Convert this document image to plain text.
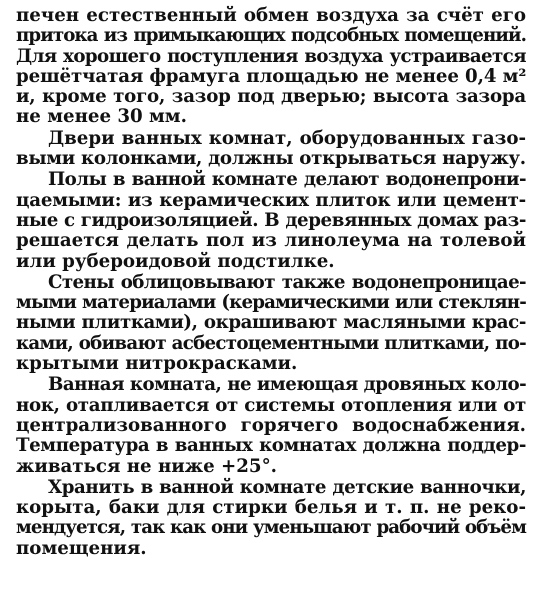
печен естественный обмен воздуха за счёт его
притока из примыкающих подсобных помещений.
Для хорошего поступления воздуха устраивается
решётчатая фрамуга площадью не менее 0,4 м²
и, кроме того, зазор под дверью; высота зазора
не менее 30 мм.
Двери ванных комнат, оборудованных газо-
выми колонками, должны открываться наружу.
Полы в ванной комнате делают водонепрони-
цаемыми: из керамических плиток или цемент-
ные с гидроизоляцией. В деревянных домах раз-
решается делать пол из линолеума на толевой
или рубероидовой подстилке.
Стены облицовывают также водонепроницае-
мыми материалами (керамическими или стеклян-
ными плитками), окрашивают масляными крас-
ками, обивают асбестоцементными плитками, по-
крытыми нитрокрасками.
Ванная комната, не имеющая дровяных коло-
нок, отапливается от системы отопления или от
централизованного горячего водоснабжения.
Температура в ванных комнатах должна поддер-
живаться не ниже +25°.
Хранить в ванной комнате детские ванночки,
корыта, баки для стирки белья и т. п. не реко-
мендуется, так как они уменьшают рабочий объём
помещения.
